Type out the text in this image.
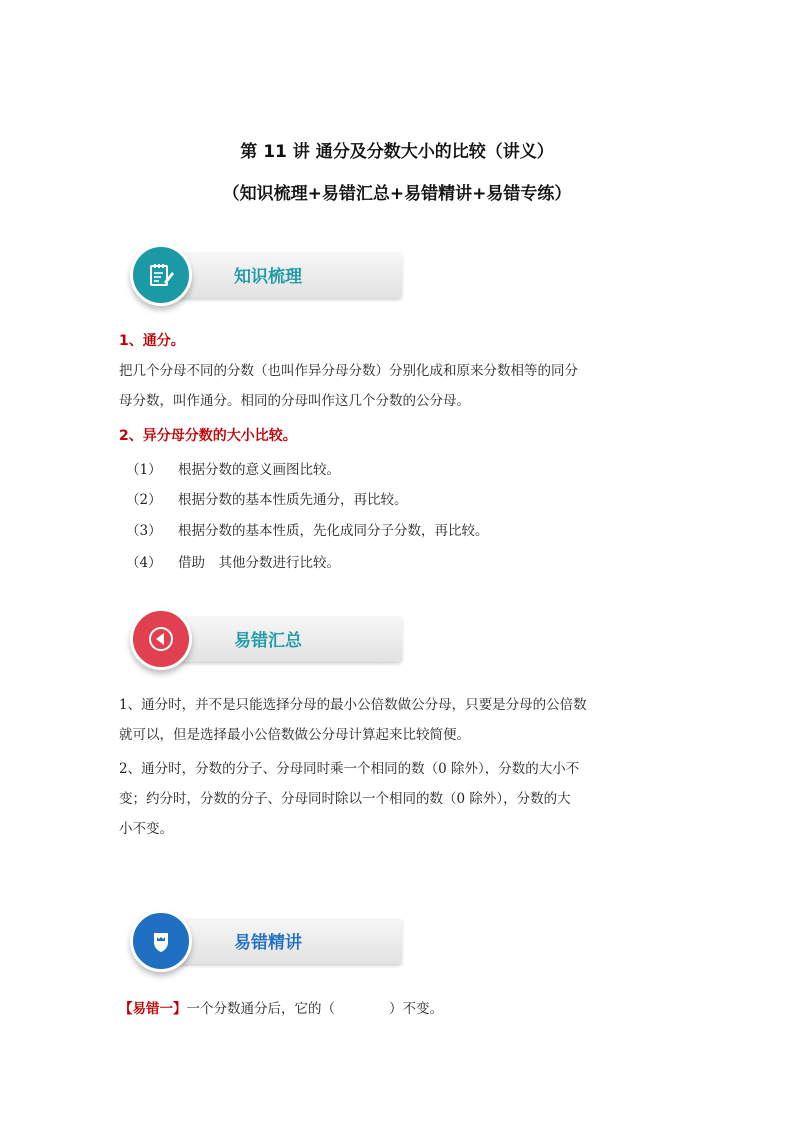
第 11 讲 通分及分数大小的比较（讲义）
（知识梳理+易错汇总+易错精讲+易错专练）
知识梳理
1、通分。
把几个分母不同的分数（也叫作异分母分数）分别化成和原来分数相等的同分
母分数，叫作通分。相同的分母叫作这几个分数的公分母。
2、异分母分数的大小比较。
（1） 根据分数的意义画图比较。
（2） 根据分数的基本性质先通分，再比较。
（3） 根据分数的基本性质，先化成同分子分数，再比较。
（4） 借助　其他分数进行比较。
易错汇总
1、通分时，并不是只能选择分母的最小公倍数做公分母，只要是分母的公倍数
就可以，但是选择最小公倍数做公分母计算起来比较简便。
2、通分时，分数的分子、分母同时乘一个相同的数（0 除外），分数的大小不
变；约分时，分数的分子、分母同时除以一个相同的数（0 除外），分数的大
小不变。
易错精讲
【易错一】一个分数通分后，它的（　　　　）不变。
